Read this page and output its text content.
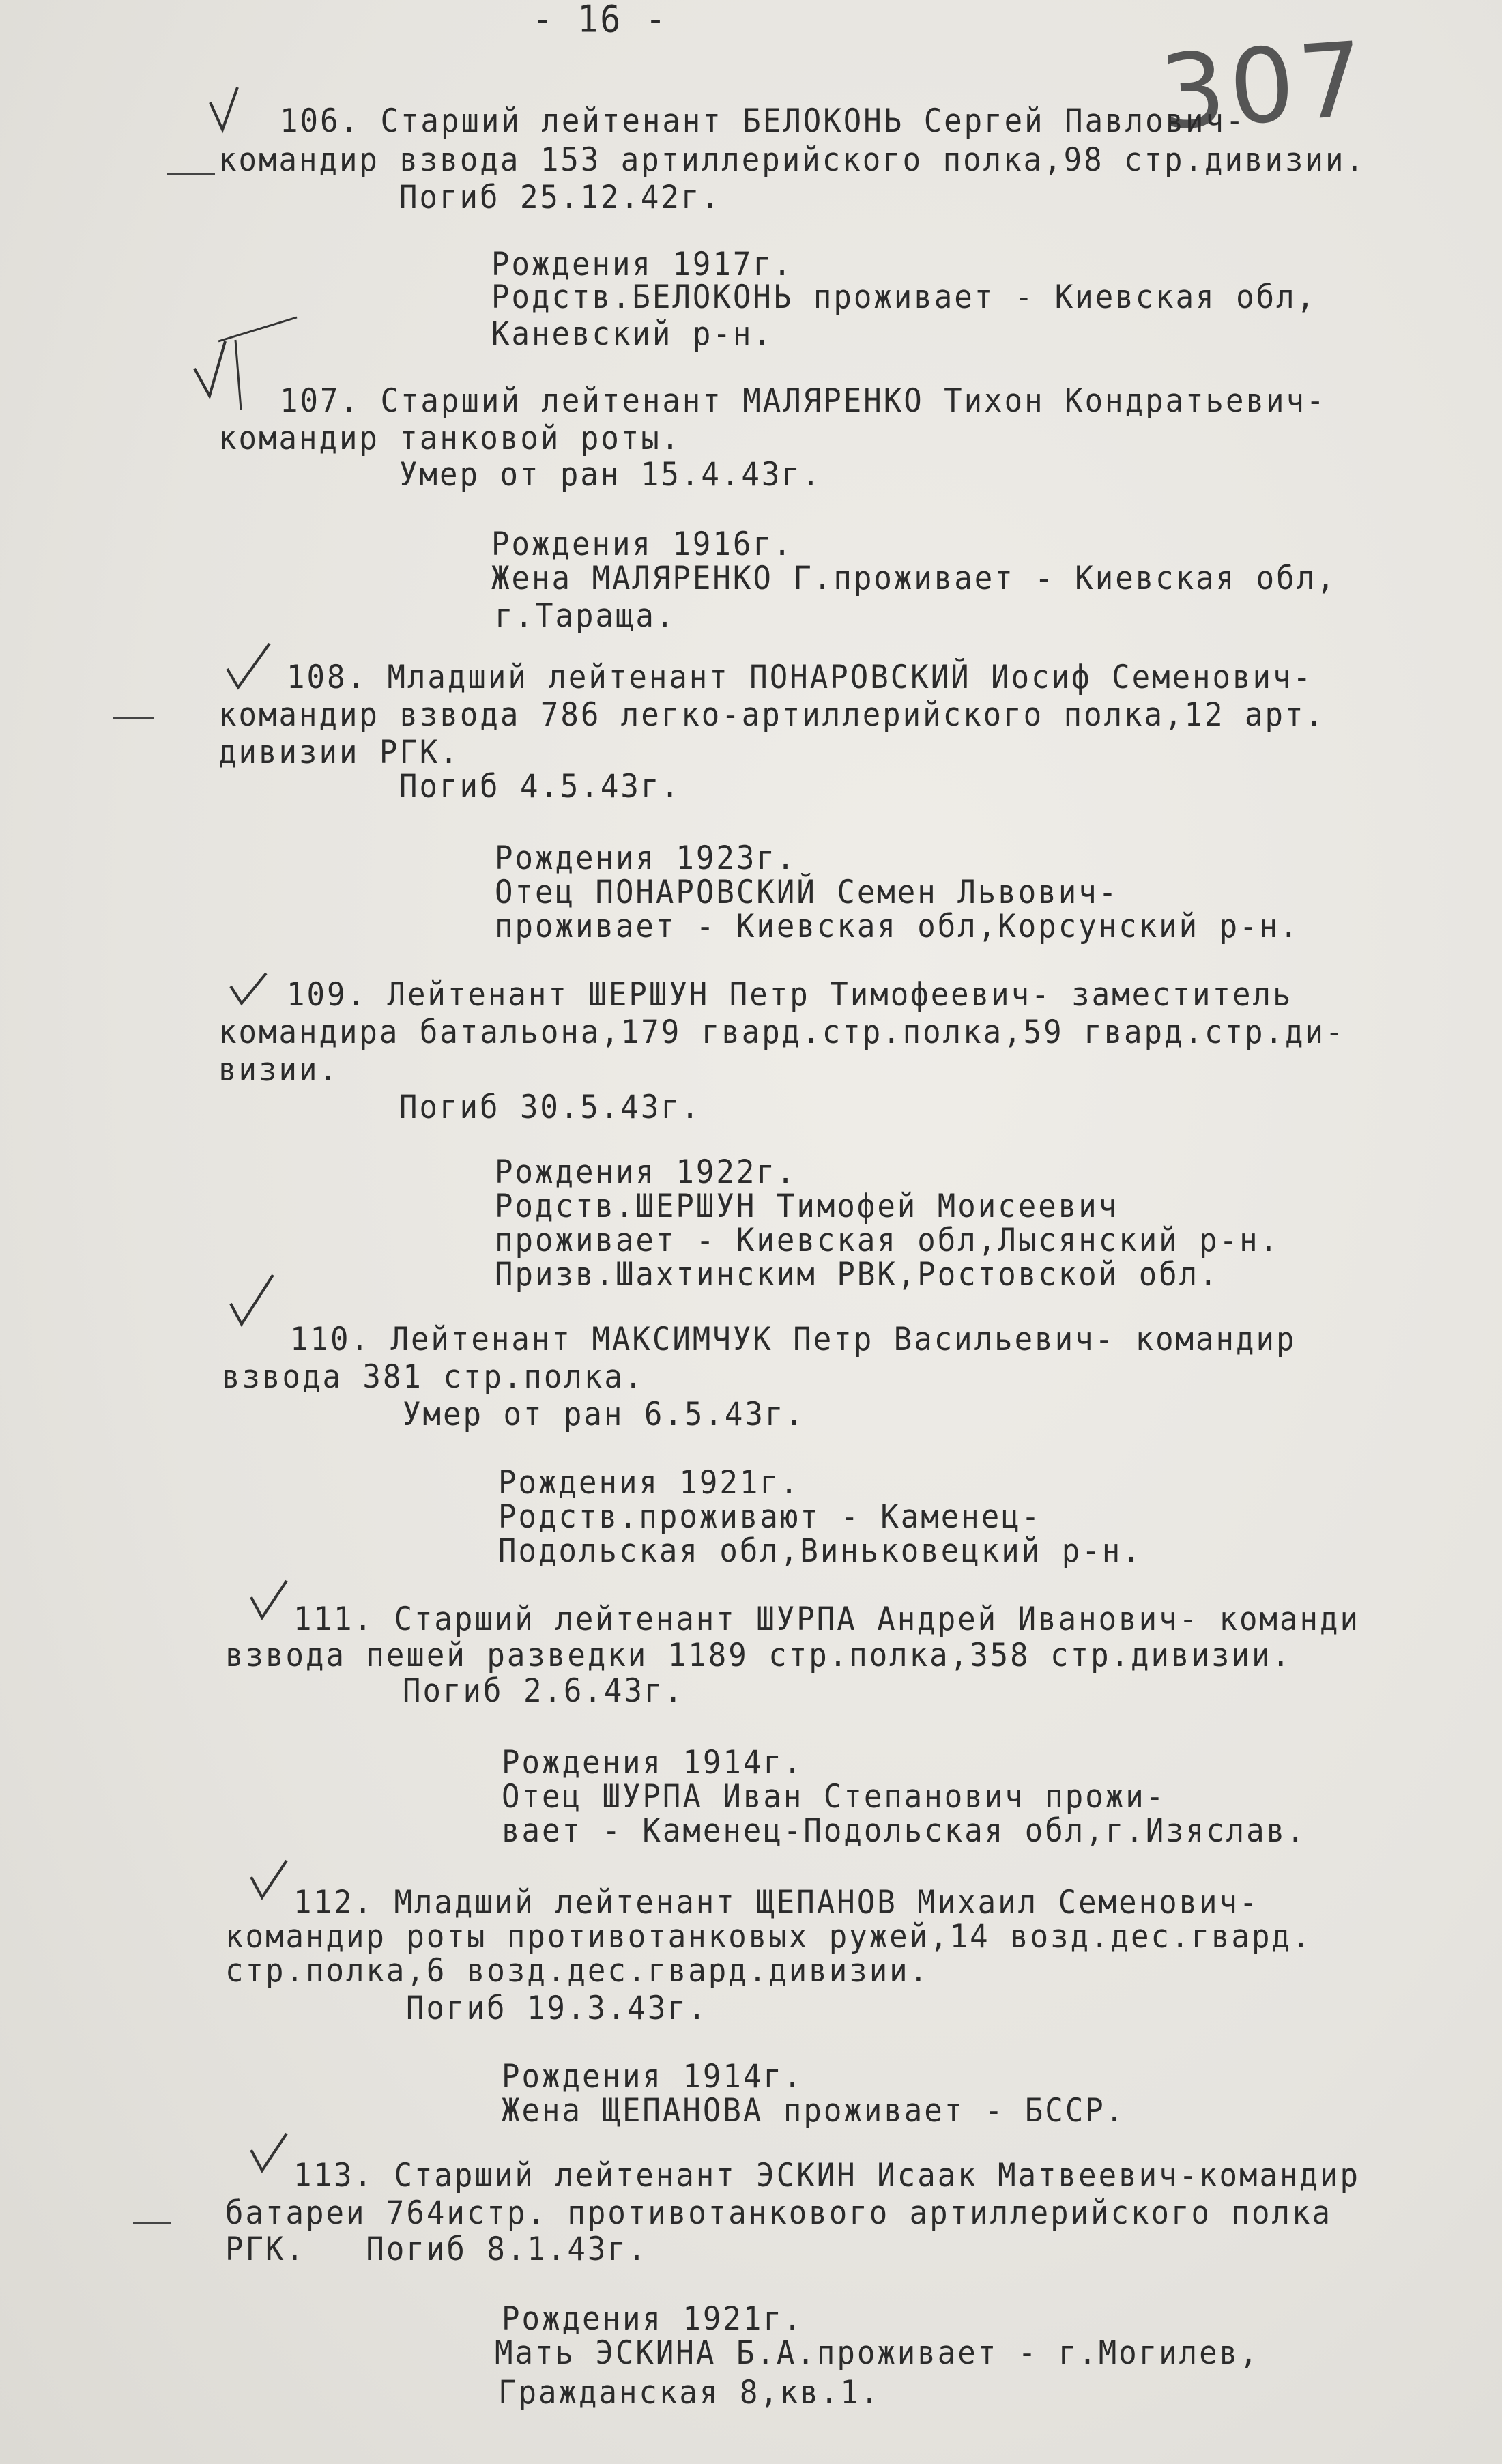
- 16 -
307
106. Старший лейтенант БЕЛОКОНЬ Сергей Павлович-
командир взвода 153 артиллерийского полка,98 стр.дивизии.
Погиб 25.12.42г.
Рождения 1917г.
Родств.БЕЛОКОНЬ проживает - Киевская обл,
Каневский р-н.
107. Старший лейтенант МАЛЯРЕНКО Тихон Кондратьевич-
командир танковой роты.
Умер от ран 15.4.43г.
Рождения 1916г.
Жена МАЛЯРЕНКО Г.проживает - Киевская обл,
г.Тараща.
108. Младший лейтенант ПОНАРОВСКИЙ Иосиф Семенович-
командир взвода 786 легко-артиллерийского полка,12 арт.
дивизии РГК.
Погиб 4.5.43г.
Рождения 1923г.
Отец ПОНАРОВСКИЙ Семен Львович-
проживает - Киевская обл,Корсунский р-н.
109. Лейтенант ШЕРШУН Петр Тимофеевич- заместитель
командира батальона,179 гвард.стр.полка,59 гвард.стр.ди-
визии.
Погиб 30.5.43г.
Рождения 1922г.
Родств.ШЕРШУН Тимофей Моисеевич
проживает - Киевская обл,Лысянский р-н.
Призв.Шахтинским РВК,Ростовской обл.
110. Лейтенант МАКСИМЧУК Петр Васильевич- командир
взвода 381 стр.полка.
Умер от ран 6.5.43г.
Рождения 1921г.
Родств.проживают - Каменец-
Подольская обл,Виньковецкий р-н.
111. Старший лейтенант ШУРПА Андрей Иванович- команди
взвода пешей разведки 1189 стр.полка,358 стр.дивизии.
Погиб 2.6.43г.
Рождения 1914г.
Отец ШУРПА Иван Степанович прожи-
вает - Каменец-Подольская обл,г.Изяслав.
112. Младший лейтенант ЩЕПАНОВ Михаил Семенович-
командир роты противотанковых ружей,14 возд.дес.гвард.
стр.полка,6 возд.дес.гвард.дивизии.
Погиб 19.3.43г.
Рождения 1914г.
Жена ЩЕПАНОВА проживает - БССР.
113. Старший лейтенант ЭСКИН Исаак Матвеевич-командир
батареи 764истр. противотанкового артиллерийского полка
РГК.   Погиб 8.1.43г.
Рождения 1921г.
Мать ЭСКИНА Б.А.проживает - г.Могилев,
Гражданская 8,кв.1.
